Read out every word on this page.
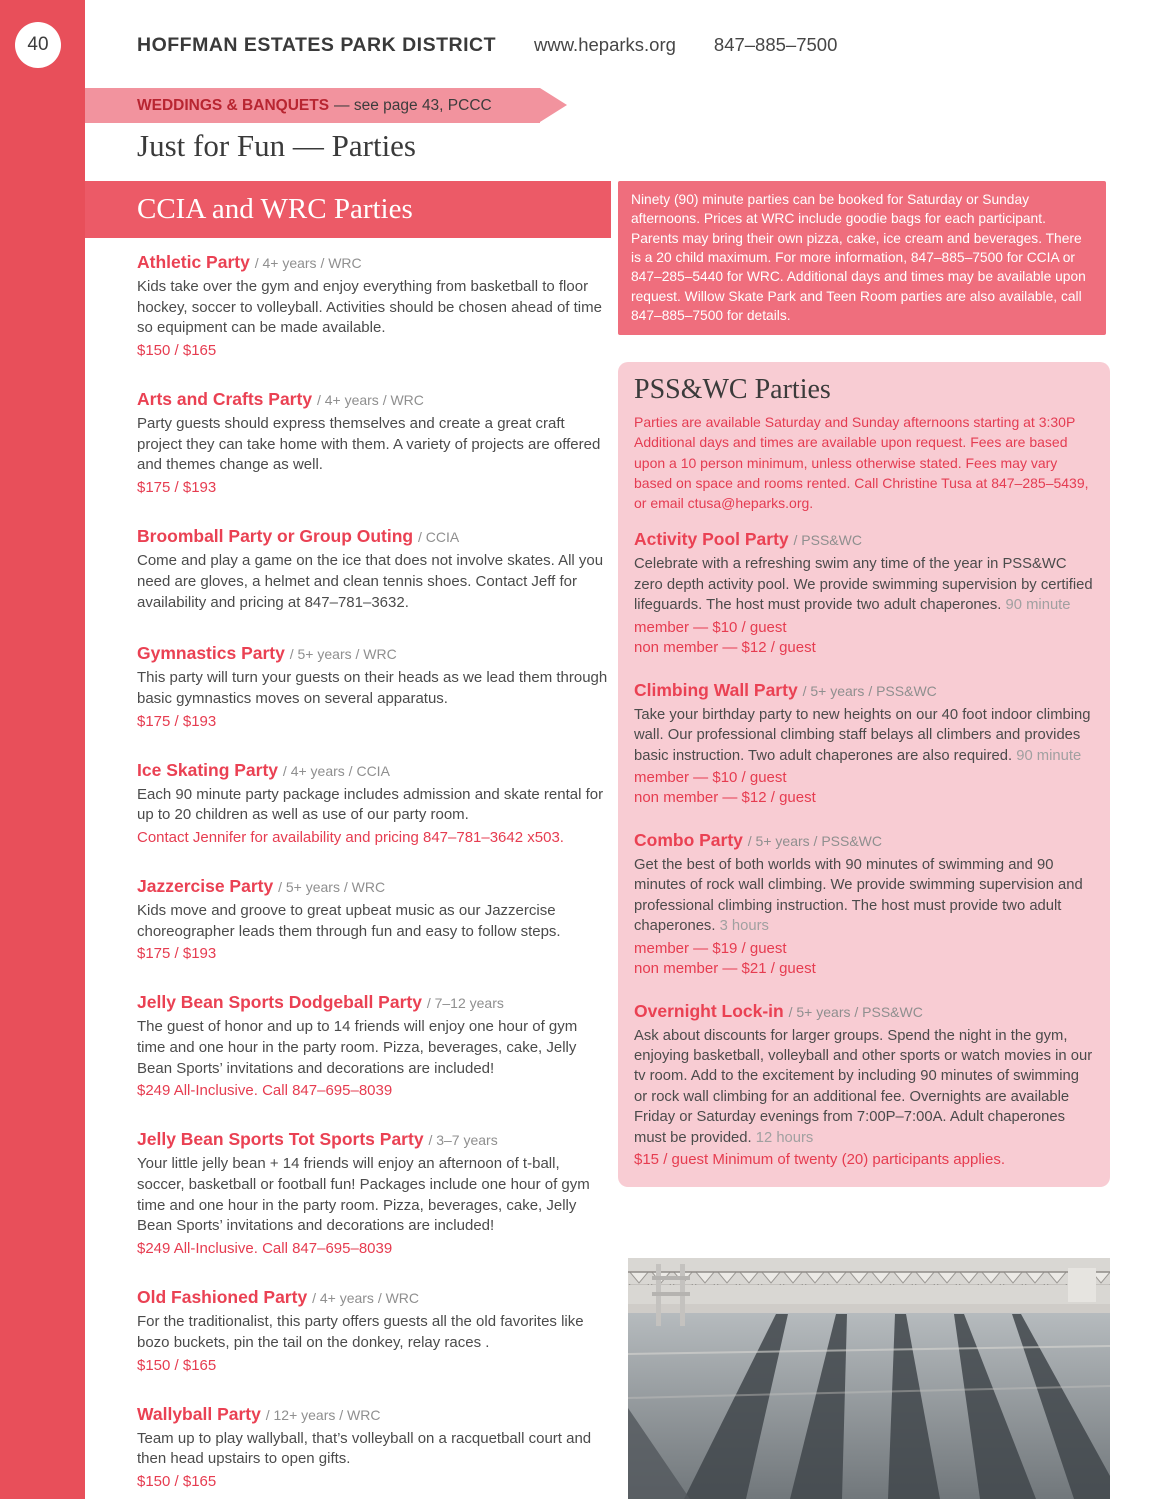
40	HOFFMAN ESTATES PARK DISTRICT www.heparks.org 847–885–7500
WEDDINGS & BANQUETS — see page 43, PCCC
Just for Fun — Parties
CCIA and WRC Parties	Ninety (90) minute parties can be booked for Saturday or Sunday afternoons. Prices at WRC include goodie bags for each participant. Parents may bring their own pizza, cake, ice cream and beverages. There is a 20 child maximum. For more information, 847–885–7500 for CCIA or 847–285–5440 for WRC. Additional days and times may be available upon request. Willow Skate Park and Teen Room parties are also available, call 847–885–7500 for details.
Athletic Party / 4+ years / WRC

Kids take over the gym and enjoy everything from basketball to floor hockey, soccer to volleyball. Activities should be chosen ahead of time so equipment can be made available.

$150 / $165
Arts and Crafts Party / 4+ years / WRC

Party guests should express themselves and create a great craft project they can take home with them. A variety of projects are offered and themes change as well.

$175 / $193
Broomball Party or Group Outing / CCIA

Come and play a game on the ice that does not involve skates. All you need are gloves, a helmet and clean tennis shoes. Contact Jeff for availability and pricing at 847–781–3632.

Gymnastics Party / 5+ years / WRC

This party will turn your guests on their heads as we lead them through basic gymnastics moves on several apparatus.

$175 / $193
Ice Skating Party / 4+ years / CCIA

Each 90 minute party package includes admission and skate rental for up to 20 children as well as use of our party room.

Contact Jennifer for availability and pricing 847–781–3642 x503.
Jazzercise Party / 5+ years / WRC

Kids move and groove to great upbeat music as our Jazzercise choreographer leads them through fun and easy to follow steps.

$175 / $193
Jelly Bean Sports Dodgeball Party / 7–12 years

The guest of honor and up to 14 friends will enjoy one hour of gym time and one hour in the party room. Pizza, beverages, cake, Jelly Bean Sports’ invitations and decorations are included!

$249 All-Inclusive. Call 847–695–8039
Jelly Bean Sports Tot Sports Party / 3–7 years

Your little jelly bean + 14 friends will enjoy an afternoon of t-ball, soccer, basketball or football fun! Packages include one hour of gym time and one hour in the party room. Pizza, beverages, cake, Jelly Bean Sports’ invitations and decorations are included!

$249 All-Inclusive. Call 847–695–8039
Old Fashioned Party / 4+ years / WRC

For the traditionalist, this party offers guests all the old favorites like bozo buckets, pin the tail on the donkey, relay races .

$150 / $165
Wallyball Party / 12+ years / WRC

Team up to play wallyball, that’s volleyball on a racquetball court and then head upstairs to open gifts.

$150 / $165
PSS&WC Parties

Parties are available Saturday and Sunday afternoons starting at 3:30P Additional days and times are available upon request. Fees are based upon a 10 person minimum, unless otherwise stated. Fees may vary based on space and rooms rented. Call Christine Tusa at 847–285–5439, or email ctusa@heparks.org.

Activity Pool Party / PSS&WC

Celebrate with a refreshing swim any time of the year in PSS&WC zero depth activity pool. We provide swimming supervision by certified lifeguards. The host must provide two adult chaperones. 90 minute

member — $10 / guest
non member — $12 / guest
Climbing Wall Party / 5+ years / PSS&WC

Take your birthday party to new heights on our 40 foot indoor climbing wall. Our professional climbing staff belays all climbers and provides basic instruction. Two adult chaperones are also required. 90 minute

member — $10 / guest
non member — $12 / guest
Combo Party / 5+ years / PSS&WC

Get the best of both worlds with 90 minutes of swimming and 90 minutes of rock wall climbing. We provide swimming supervision and professional climbing instruction. The host must provide two adult chaperones. 3 hours

member — $19 / guest
non member — $21 / guest
Overnight Lock-in / 5+ years / PSS&WC

Ask about discounts for larger groups. Spend the night in the gym, enjoying basketball, volleyball and other sports or watch movies in our tv room. Add to the excitement by including 90 minutes of swimming or rock wall climbing for an additional fee. Overnights are available Friday or Saturday evenings from 7:00P–7:00A. Adult chaperones must be provided. 12 hours

$15 / guest Minimum of twenty (20) participants applies.
